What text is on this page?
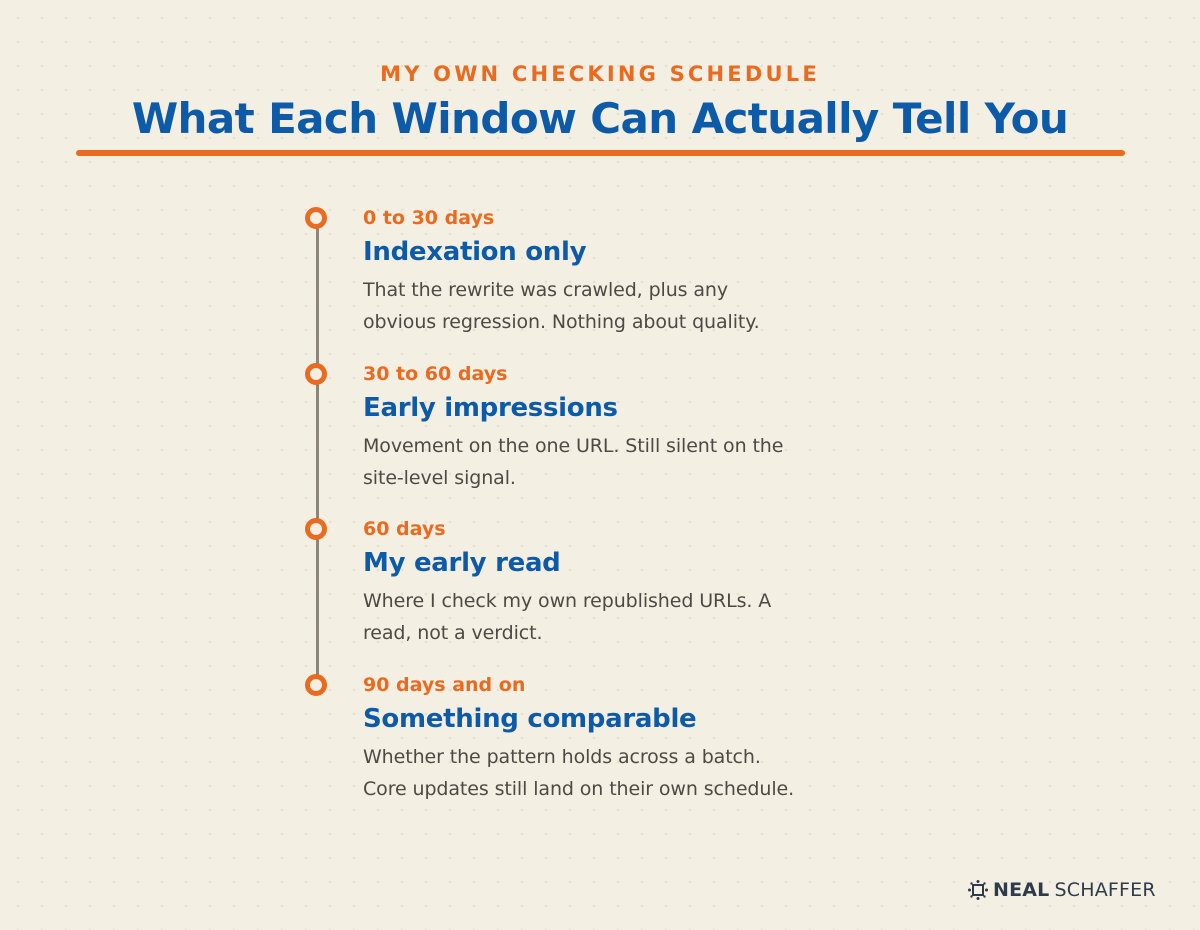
MY OWN CHECKING SCHEDULE
What Each Window Can Actually Tell You
0 to 30 days
Indexation only
That the rewrite was crawled, plus any
obvious regression. Nothing about quality.
30 to 60 days
Early impressions
Movement on the one URL. Still silent on the
site-level signal.
60 days
My early read
Where I check my own republished URLs. A
read, not a verdict.
90 days and on
Something comparable
Whether the pattern holds across a batch.
Core updates still land on their own schedule.
NEAL SCHAFFER
